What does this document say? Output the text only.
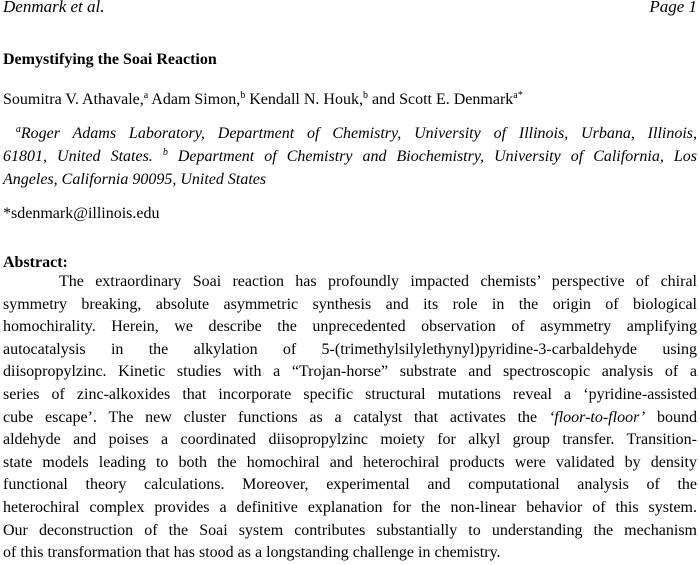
Denmark et al.	Page 1
Demystifying the Soai Reaction
Soumitra V. Athavale,$^a$ Adam Simon,$^b$ Kendall N. Houk,$^b$ and Scott E. Denmark$^{a*}$
$^a$Roger Adams Laboratory, Department of Chemistry, University of Illinois, Urbana, Illinois,
61801, United States. $^b$ Department of Chemistry and Biochemistry, University of California, Los
Angeles, California 90095, United States
*sdenmark@illinois.edu
Abstract:
The extraordinary Soai reaction has profoundly impacted chemists’ perspective of chiral
symmetry breaking, absolute asymmetric synthesis and its role in the origin of biological
homochirality. Herein, we describe the unprecedented observation of asymmetry amplifying
autocatalysis in the alkylation of 5-(trimethylsilylethynyl)pyridine-3-carbaldehyde using
diisopropylzinc. Kinetic studies with a “Trojan-horse” substrate and spectroscopic analysis of a
series of zinc-alkoxides that incorporate specific structural mutations reveal a ‘pyridine-assisted
cube escape’. The new cluster functions as a catalyst that activates the ‘floor-to-floor’ bound
aldehyde and poises a coordinated diisopropylzinc moiety for alkyl group transfer. Transition-
state models leading to both the homochiral and heterochiral products were validated by density
functional theory calculations. Moreover, experimental and computational analysis of the
heterochiral complex provides a definitive explanation for the non-linear behavior of this system.
Our deconstruction of the Soai system contributes substantially to understanding the mechanism
of this transformation that has stood as a longstanding challenge in chemistry.
